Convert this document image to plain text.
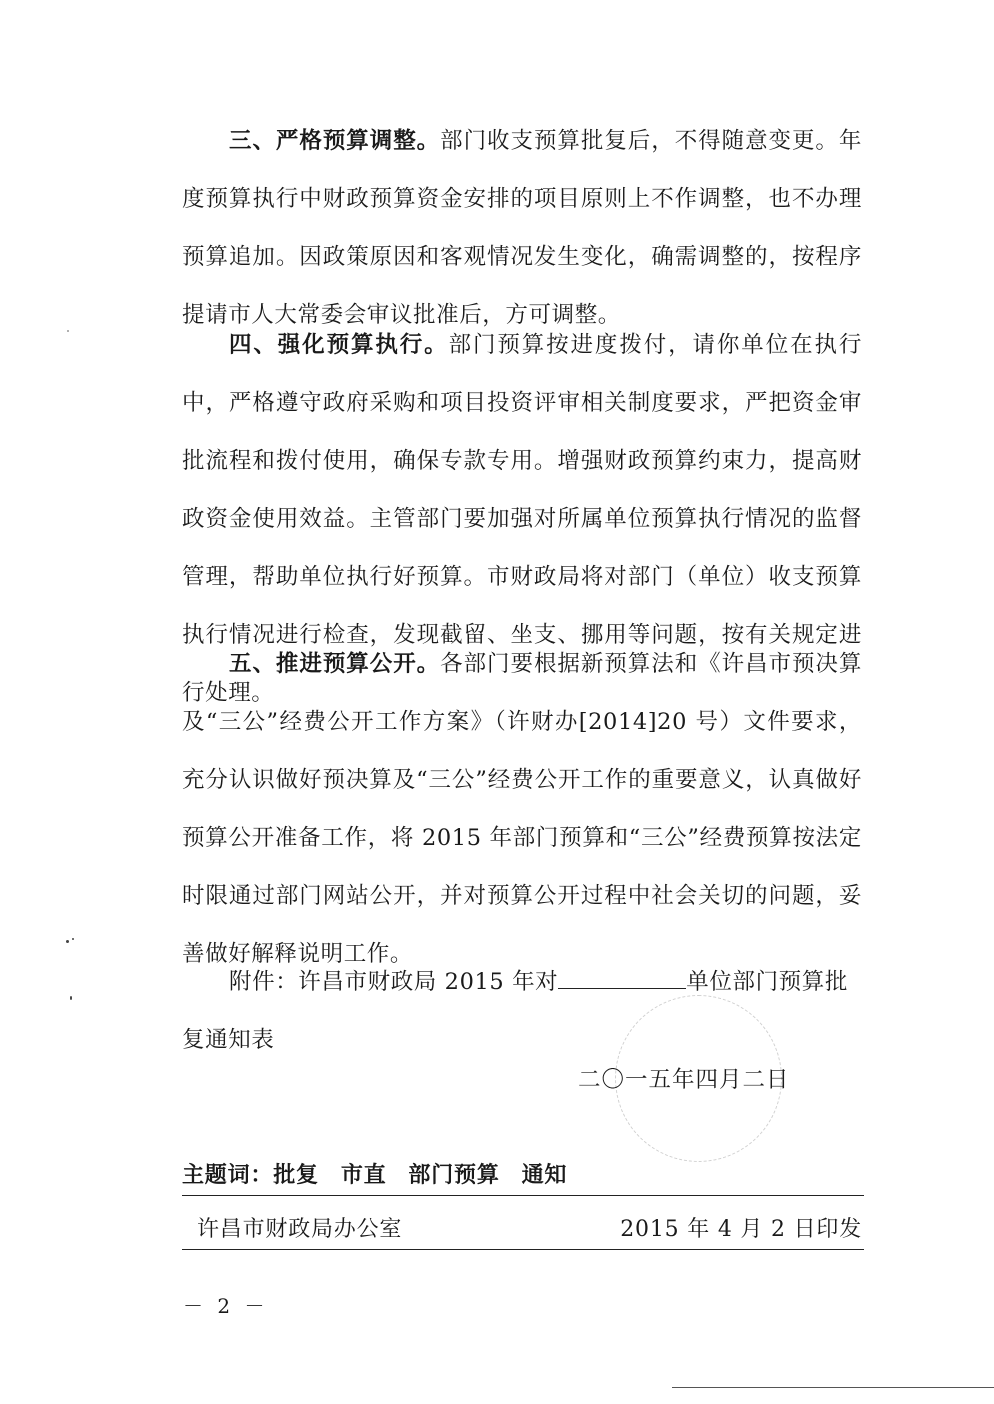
三、严格预算调整。部门收支预算批复后，不得随意变更。年度预算执行中财政预算资金安排的项目原则上不作调整，也不办理预算追加。因政策原因和客观情况发生变化，确需调整的，按程序提请市人大常委会审议批准后，方可调整。
四、强化预算执行。部门预算按进度拨付，请你单位在执行中，严格遵守政府采购和项目投资评审相关制度要求，严把资金审批流程和拨付使用，确保专款专用。增强财政预算约束力，提高财政资金使用效益。主管部门要加强对所属单位预算执行情况的监督管理，帮助单位执行好预算。市财政局将对部门（单位）收支预算执行情况进行检查，发现截留、坐支、挪用等问题，按有关规定进行处理。
五、推进预算公开。各部门要根据新预算法和《许昌市预决算及“三公”经费公开工作方案》（许财办[2014]20 号）文件要求，充分认识做好预决算及“三公”经费公开工作的重要意义，认真做好预算公开准备工作，将 2015 年部门预算和“三公”经费预算按法定时限通过部门网站公开，并对预算公开过程中社会关切的问题，妥善做好解释说明工作。
附件：许昌市财政局 2015 年对	单位部门预算批复通知表
二〇一五年四月二日
主题词：批复 市直 部门预算 通知
许昌市财政局办公室	2015 年 4 月 2 日印发
－ 2 －
